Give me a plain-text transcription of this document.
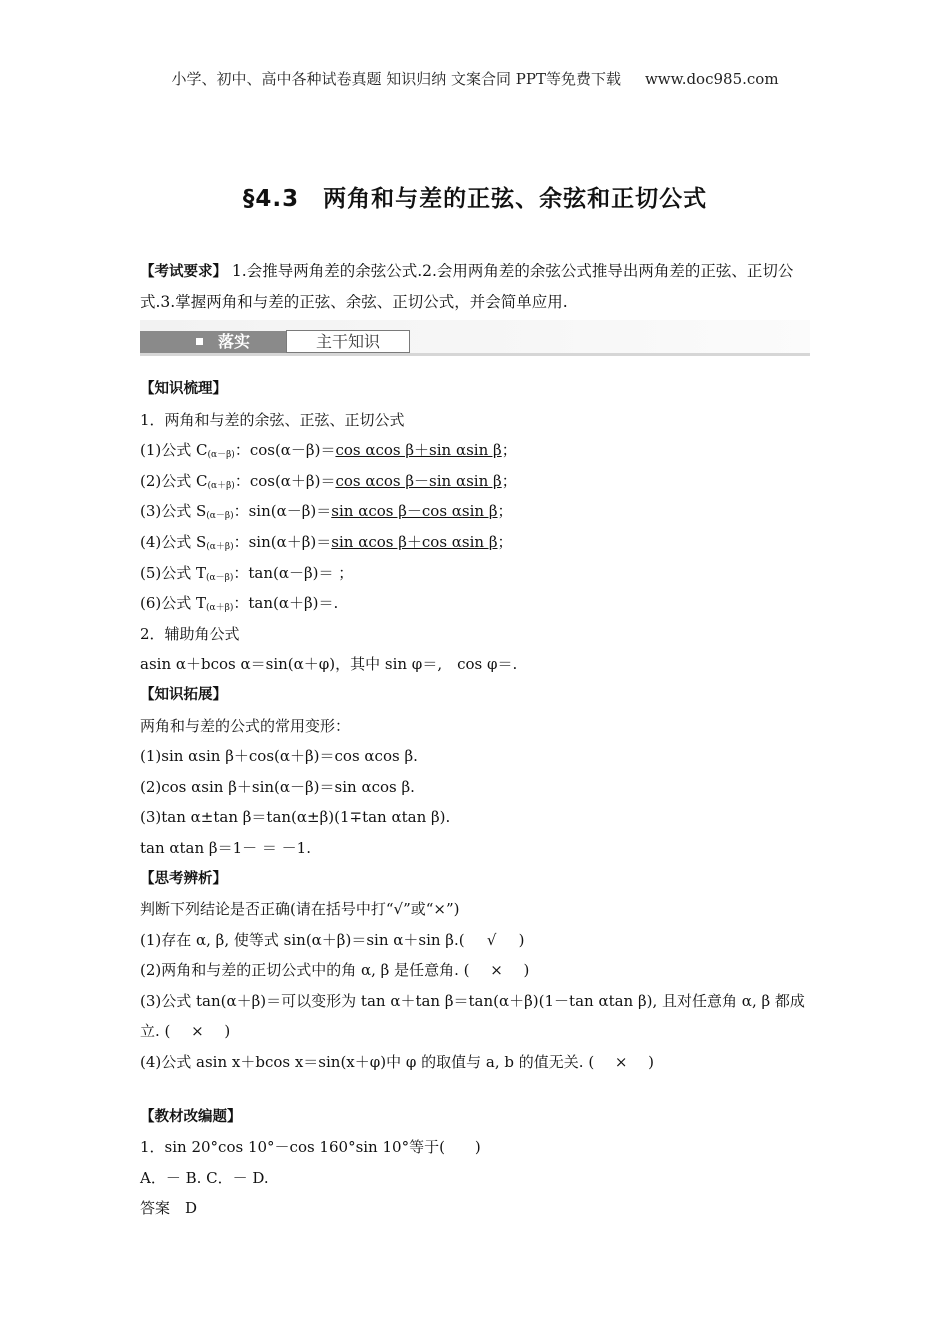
小学、初中、高中各种试卷真题 知识归纳 文案合同 PPT等免费下载 www.doc985.com
§4.3　两角和与差的正弦、余弦和正切公式
【考试要求】 1.会推导两角差的余弦公式.2.会用两角差的余弦公式推导出两角差的正弦、正切公式.3.掌握两角和与差的正弦、余弦、正切公式，并会简单应用.
落实	主干知识
【知识梳理】
1．两角和与差的余弦、正弦、正切公式
(1)公式 $C_{(\alpha-\beta)}$：cos(α－β)＝cos αcos β＋sin αsin β；
(2)公式 $C_{(\alpha+\beta)}$：cos(α＋β)＝cos αcos β－sin αsin β；
(3)公式 $S_{(\alpha-\beta)}$：sin(α－β)＝sin αcos β－cos αsin β；
(4)公式 $S_{(\alpha+\beta)}$：sin(α＋β)＝sin αcos β＋cos αsin β；
(5)公式 $T_{(\alpha-\beta)}$：tan(α－β)＝ ；
(6)公式 $T_{(\alpha+\beta)}$：tan(α＋β)＝.
2．辅助角公式
asin α＋bcos α＝sin(α＋φ)，其中 sin φ＝,　cos φ＝.
【知识拓展】
两角和与差的公式的常用变形：
(1)sin αsin β＋cos(α＋β)＝cos αcos β.
(2)cos αsin β＋sin(α－β)＝sin αcos β.
(3)tan α±tan β＝tan(α±β)(1∓tan αtan β).
tan αtan β＝1－ ＝ －1.
【思考辨析】
判断下列结论是否正确(请在括号中打“√”或“×”)
(1)存在 α, β, 使等式 sin(α＋β)＝sin α＋sin β.( √ )
(2)两角和与差的正切公式中的角 α, β 是任意角. ( × )
(3)公式 tan(α＋β)＝可以变形为 tan α＋tan β＝tan(α＋β)(1－tan αtan β), 且对任意角 α, β 都成立. ( × )
(4)公式 asin x＋bcos x＝sin(x＋φ)中 φ 的取值与 a, b 的值无关. ( × )
【教材改编题】
1．sin 20°cos 10°－cos 160°sin 10°等于(　　)
A．－ B. C．－ D.
答案　D
